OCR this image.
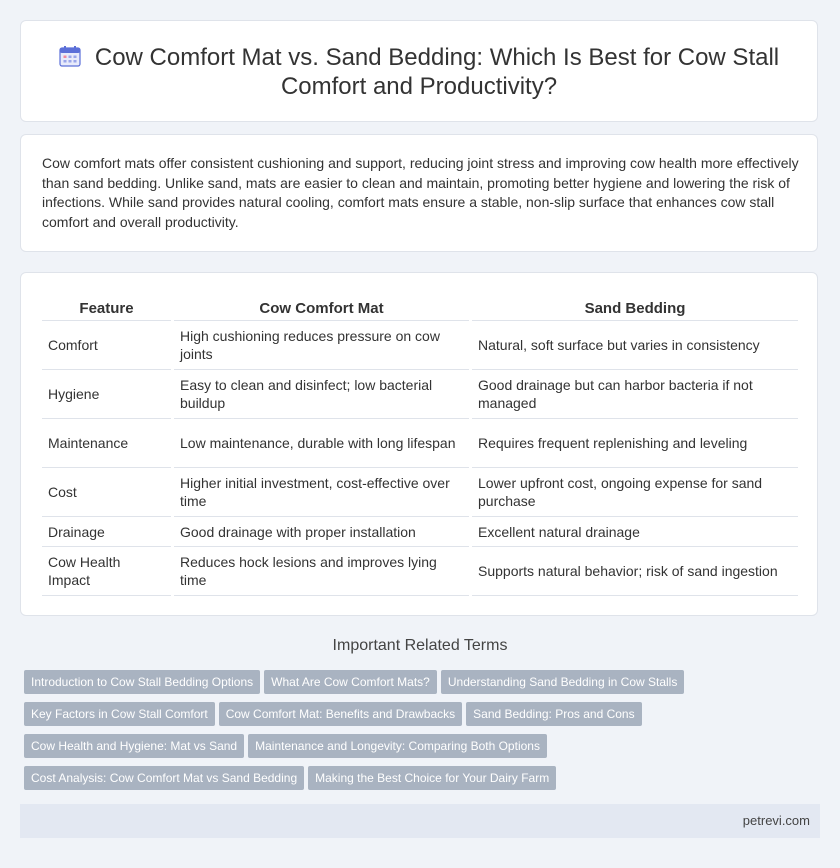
Cow Comfort Mat vs. Sand Bedding: Which Is Best for Cow Stall Comfort and Productivity?
Cow comfort mats offer consistent cushioning and support, reducing joint stress and improving cow health more effectively than sand bedding. Unlike sand, mats are easier to clean and maintain, promoting better hygiene and lowering the risk of infections. While sand provides natural cooling, comfort mats ensure a stable, non-slip surface that enhances cow stall comfort and overall productivity.
Feature	Cow Comfort Mat	Sand Bedding
Comfort	High cushioning reduces pressure on cow joints	Natural, soft surface but varies in consistency
Hygiene	Easy to clean and disinfect; low bacterial buildup	Good drainage but can harbor bacteria if not managed
Maintenance	Low maintenance, durable with long lifespan	Requires frequent replenishing and leveling
Cost	Higher initial investment, cost-effective over time	Lower upfront cost, ongoing expense for sand purchase
Drainage	Good drainage with proper installation	Excellent natural drainage
Cow Health Impact	Reduces hock lesions and improves lying time	Supports natural behavior; risk of sand ingestion
Important Related Terms
Introduction to Cow Stall Bedding Options What Are Cow Comfort Mats? Understanding Sand Bedding in Cow Stalls
Key Factors in Cow Stall Comfort Cow Comfort Mat: Benefits and Drawbacks Sand Bedding: Pros and Cons
Cow Health and Hygiene: Mat vs Sand Maintenance and Longevity: Comparing Both Options
Cost Analysis: Cow Comfort Mat vs Sand Bedding Making the Best Choice for Your Dairy Farm
petrevi.com
